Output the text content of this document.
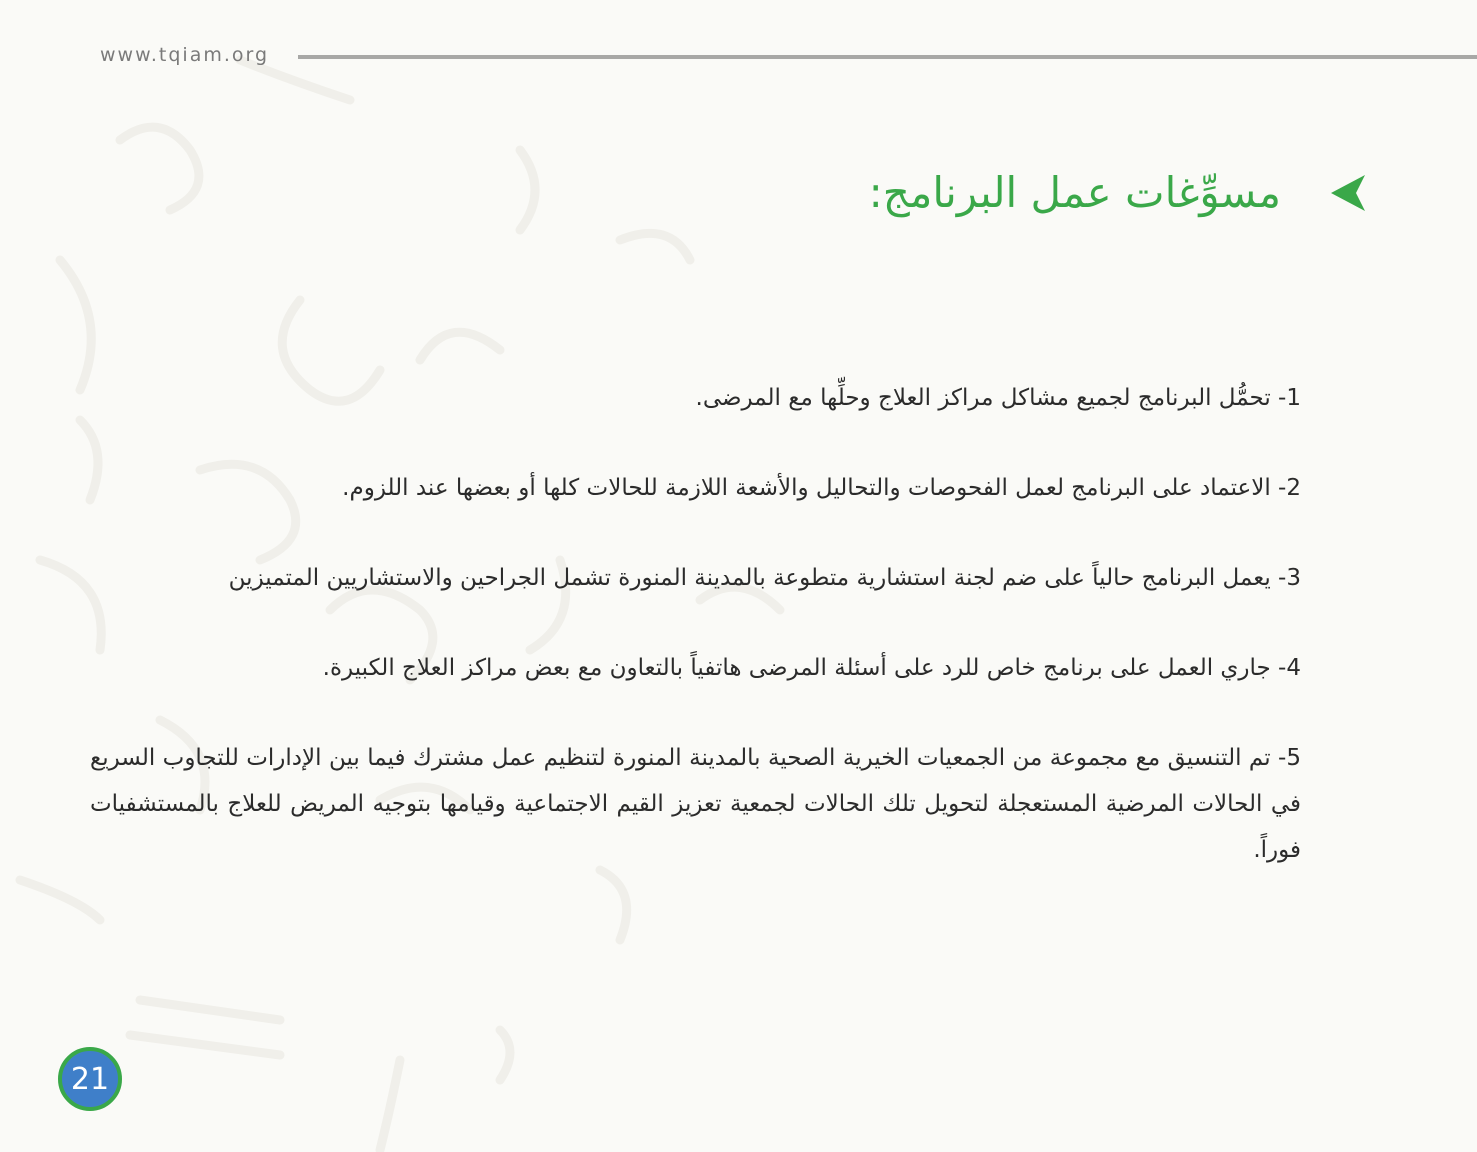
www.tqiam.org
مسوِّغات عمل البرنامج:

1- تحمُّل البرنامج لجميع مشاكل مراكز العلاج وحلِّها مع المرضى.

2- الاعتماد على البرنامج لعمل الفحوصات والتحاليل والأشعة اللازمة للحالات كلها أو بعضها عند اللزوم.

3- يعمل البرنامج حالياً على ضم لجنة استشارية متطوعة بالمدينة المنورة تشمل الجراحين والاستشاريين المتميزين

4- جاري العمل على برنامج خاص للرد على أسئلة المرضى هاتفياً بالتعاون مع بعض مراكز العلاج الكبيرة.

5- تم التنسيق مع مجموعة من الجمعيات الخيرية الصحية بالمدينة المنورة لتنظيم عمل مشترك فيما بين الإدارات للتجاوب السريع في الحالات المرضية المستعجلة لتحويل تلك الحالات لجمعية تعزيز القيم الاجتماعية وقيامها بتوجيه المريض للعلاج بالمستشفيات فوراً.

21
